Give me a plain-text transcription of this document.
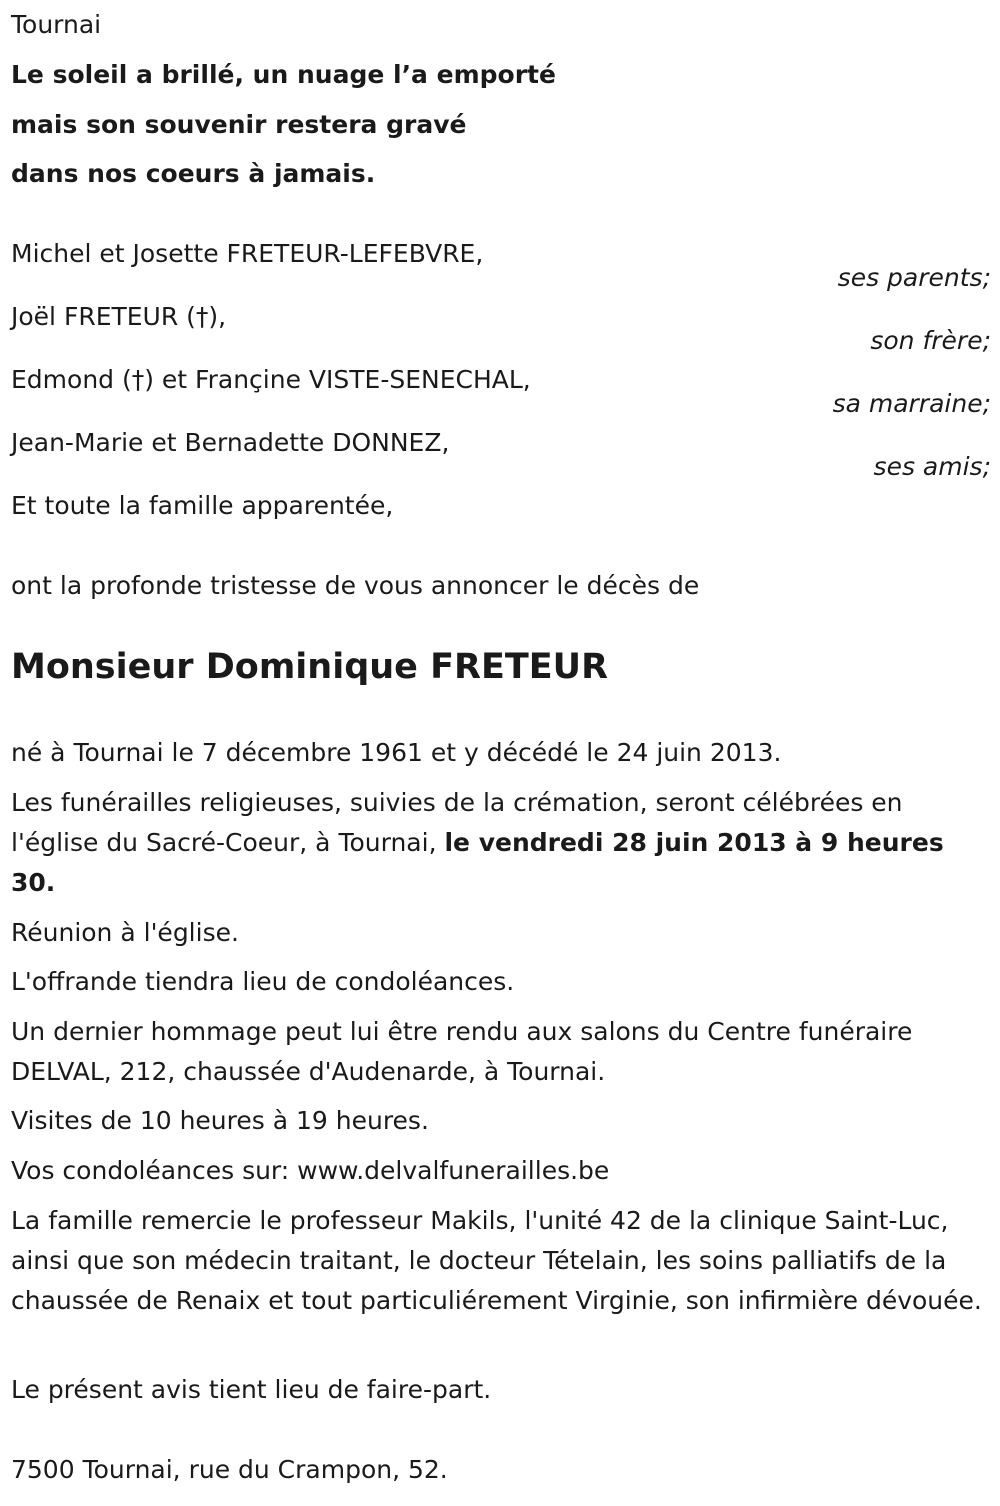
Tournai
Le soleil a brillé, un nuage l’a emporté
mais son souvenir restera gravé
dans nos coeurs à jamais.
Michel et Josette FRETEUR-LEFEBVRE,
ses parents;
Joël FRETEUR (†),
son frère;
Edmond (†) et Françine VISTE-SENECHAL,
sa marraine;
Jean-Marie et Bernadette DONNEZ,
ses amis;
Et toute la famille apparentée,
ont la profonde tristesse de vous annoncer le décès de
Monsieur Dominique FRETEUR
né à Tournai le 7 décembre 1961 et y décédé le 24 juin 2013.
Les funérailles religieuses, suivies de la crémation, seront célébrées en l'église du Sacré-Coeur, à Tournai, le vendredi 28 juin 2013 à 9 heures 30.
Réunion à l'église.
L'offrande tiendra lieu de condoléances.
Un dernier hommage peut lui être rendu aux salons du Centre funéraire DELVAL, 212, chaussée d'Audenarde, à Tournai.
Visites de 10 heures à 19 heures.
Vos condoléances sur: www.delvalfunerailles.be
La famille remercie le professeur Makils, l'unité 42 de la clinique Saint-Luc, ainsi que son médecin traitant, le docteur Tételain, les soins palliatifs de la chaussée de Renaix et tout particuliérement Virginie, son infirmière dévouée.
Le présent avis tient lieu de faire-part.
7500 Tournai, rue du Crampon, 52.
